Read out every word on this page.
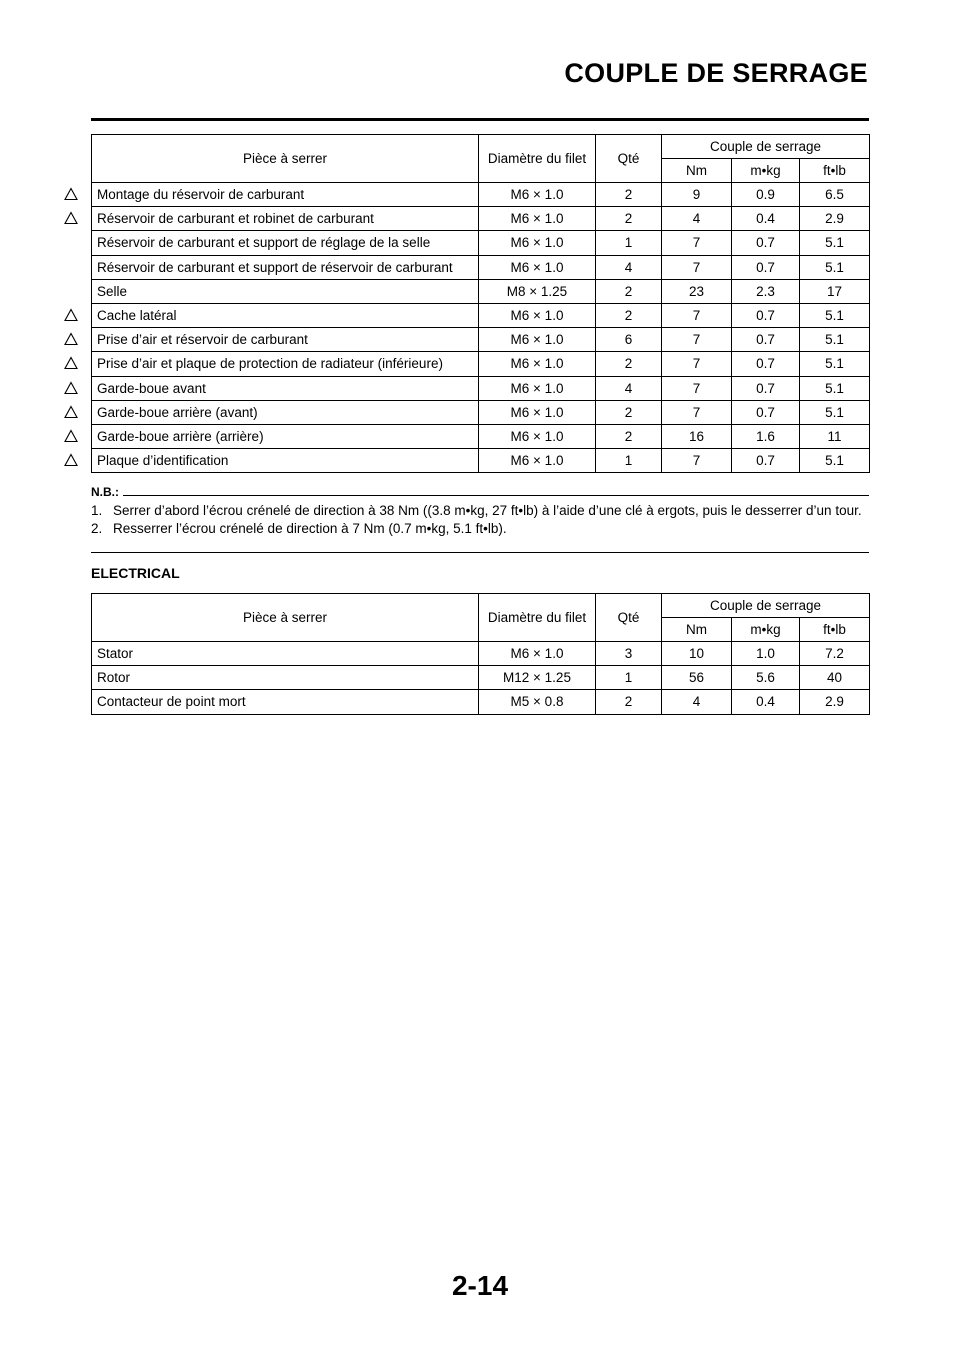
COUPLE DE SERRAGE
Pièce à serrer	Diamètre du filet	Qté	Couple de serrage		
			Nm	m•kg	ft•lb
Montage du réservoir de carburant	M6 × 1.0	2	9	0.9	6.5
Réservoir de carburant et robinet de carburant	M6 × 1.0	2	4	0.4	2.9
Réservoir de carburant et support de réglage de la selle	M6 × 1.0	1	7	0.7	5.1
Réservoir de carburant et support de réservoir de carburant	M6 × 1.0	4	7	0.7	5.1
Selle	M8 × 1.25	2	23	2.3	17
Cache latéral	M6 × 1.0	2	7	0.7	5.1
Prise d’air et réservoir de carburant	M6 × 1.0	6	7	0.7	5.1
Prise d’air et plaque de protection de radiateur (inférieure)	M6 × 1.0	2	7	0.7	5.1
Garde-boue avant	M6 × 1.0	4	7	0.7	5.1
Garde-boue arrière (avant)	M6 × 1.0	2	7	0.7	5.1
Garde-boue arrière (arrière)	M6 × 1.0	2	16	1.6	11
Plaque d’identification	M6 × 1.0	1	7	0.7	5.1
N.B.:
1. Serrer d’abord l’écrou crénelé de direction à 38 Nm ((3.8 m•kg, 27 ft•lb) à l’aide d’une clé à ergots, puis le desserrer d’un tour.
2. Resserrer l’écrou crénelé de direction à 7 Nm (0.7 m•kg, 5.1 ft•lb).
ELECTRICAL
Pièce à serrer	Diamètre du filet	Qté	Couple de serrage		
			Nm	m•kg	ft•lb
Stator	M6 × 1.0	3	10	1.0	7.2
Rotor	M12 × 1.25	1	56	5.6	40
Contacteur de point mort	M5 × 0.8	2	4	0.4	2.9
2-14
